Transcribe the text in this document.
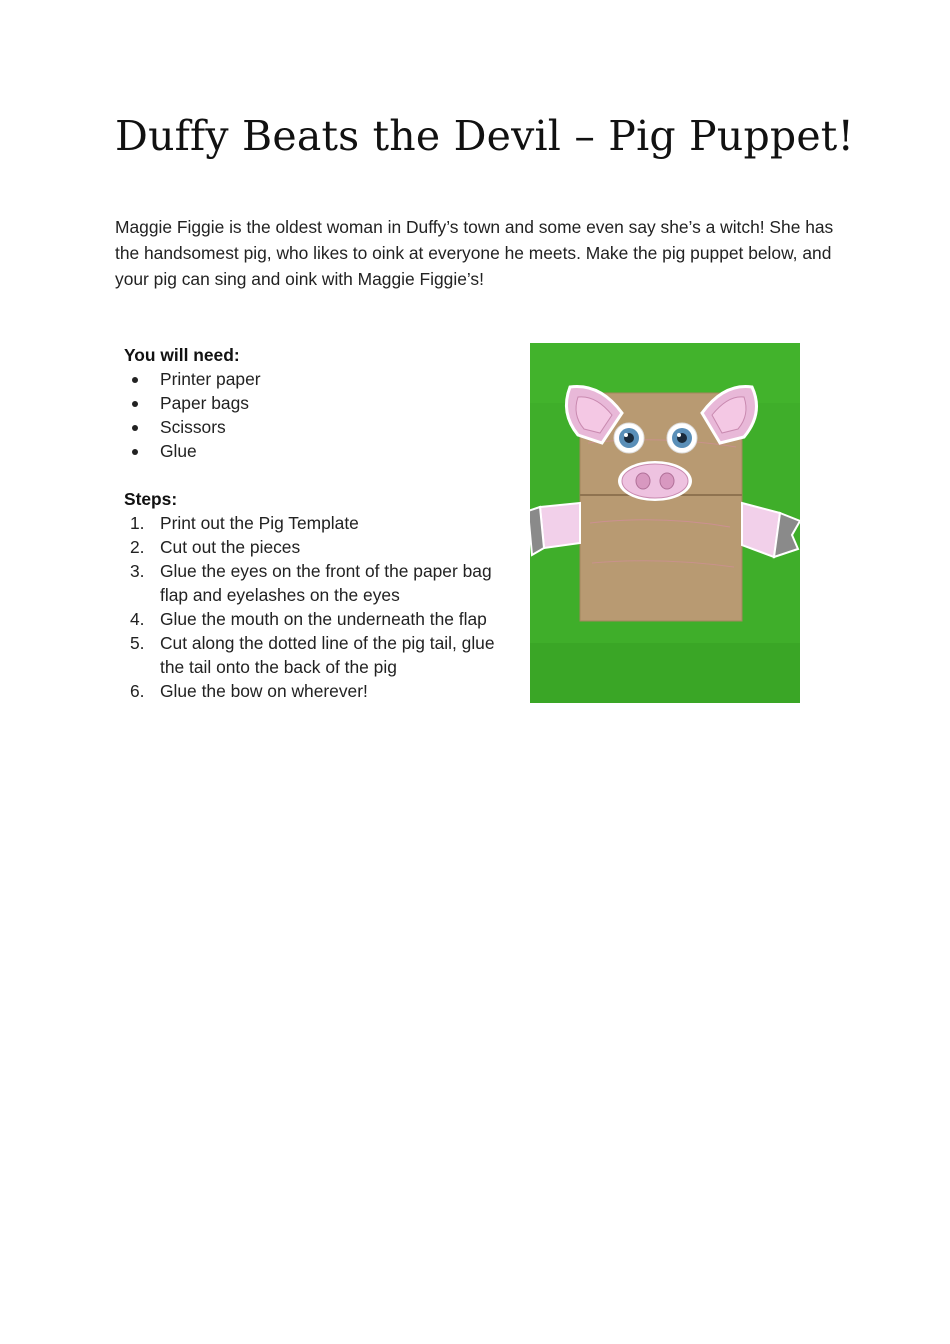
Duffy Beats the Devil – Pig Puppet!

Maggie Figgie is the oldest woman in Duffy’s town and some even say she’s a witch! She has the handsomest pig, who likes to oink at everyone he meets. Make the pig puppet below, and your pig can sing and oink with Maggie Figgie’s!

You will need:

Printer paper
Paper bags
Scissors
Glue

Steps:

1. Print out the Pig Template
2. Cut out the pieces
3. Glue the eyes on the front of the paper bag flap and eyelashes on the eyes
4. Glue the mouth on the underneath the flap
5. Cut along the dotted line of the pig tail, glue the tail onto the back of the pig
6. Glue the bow on wherever!
